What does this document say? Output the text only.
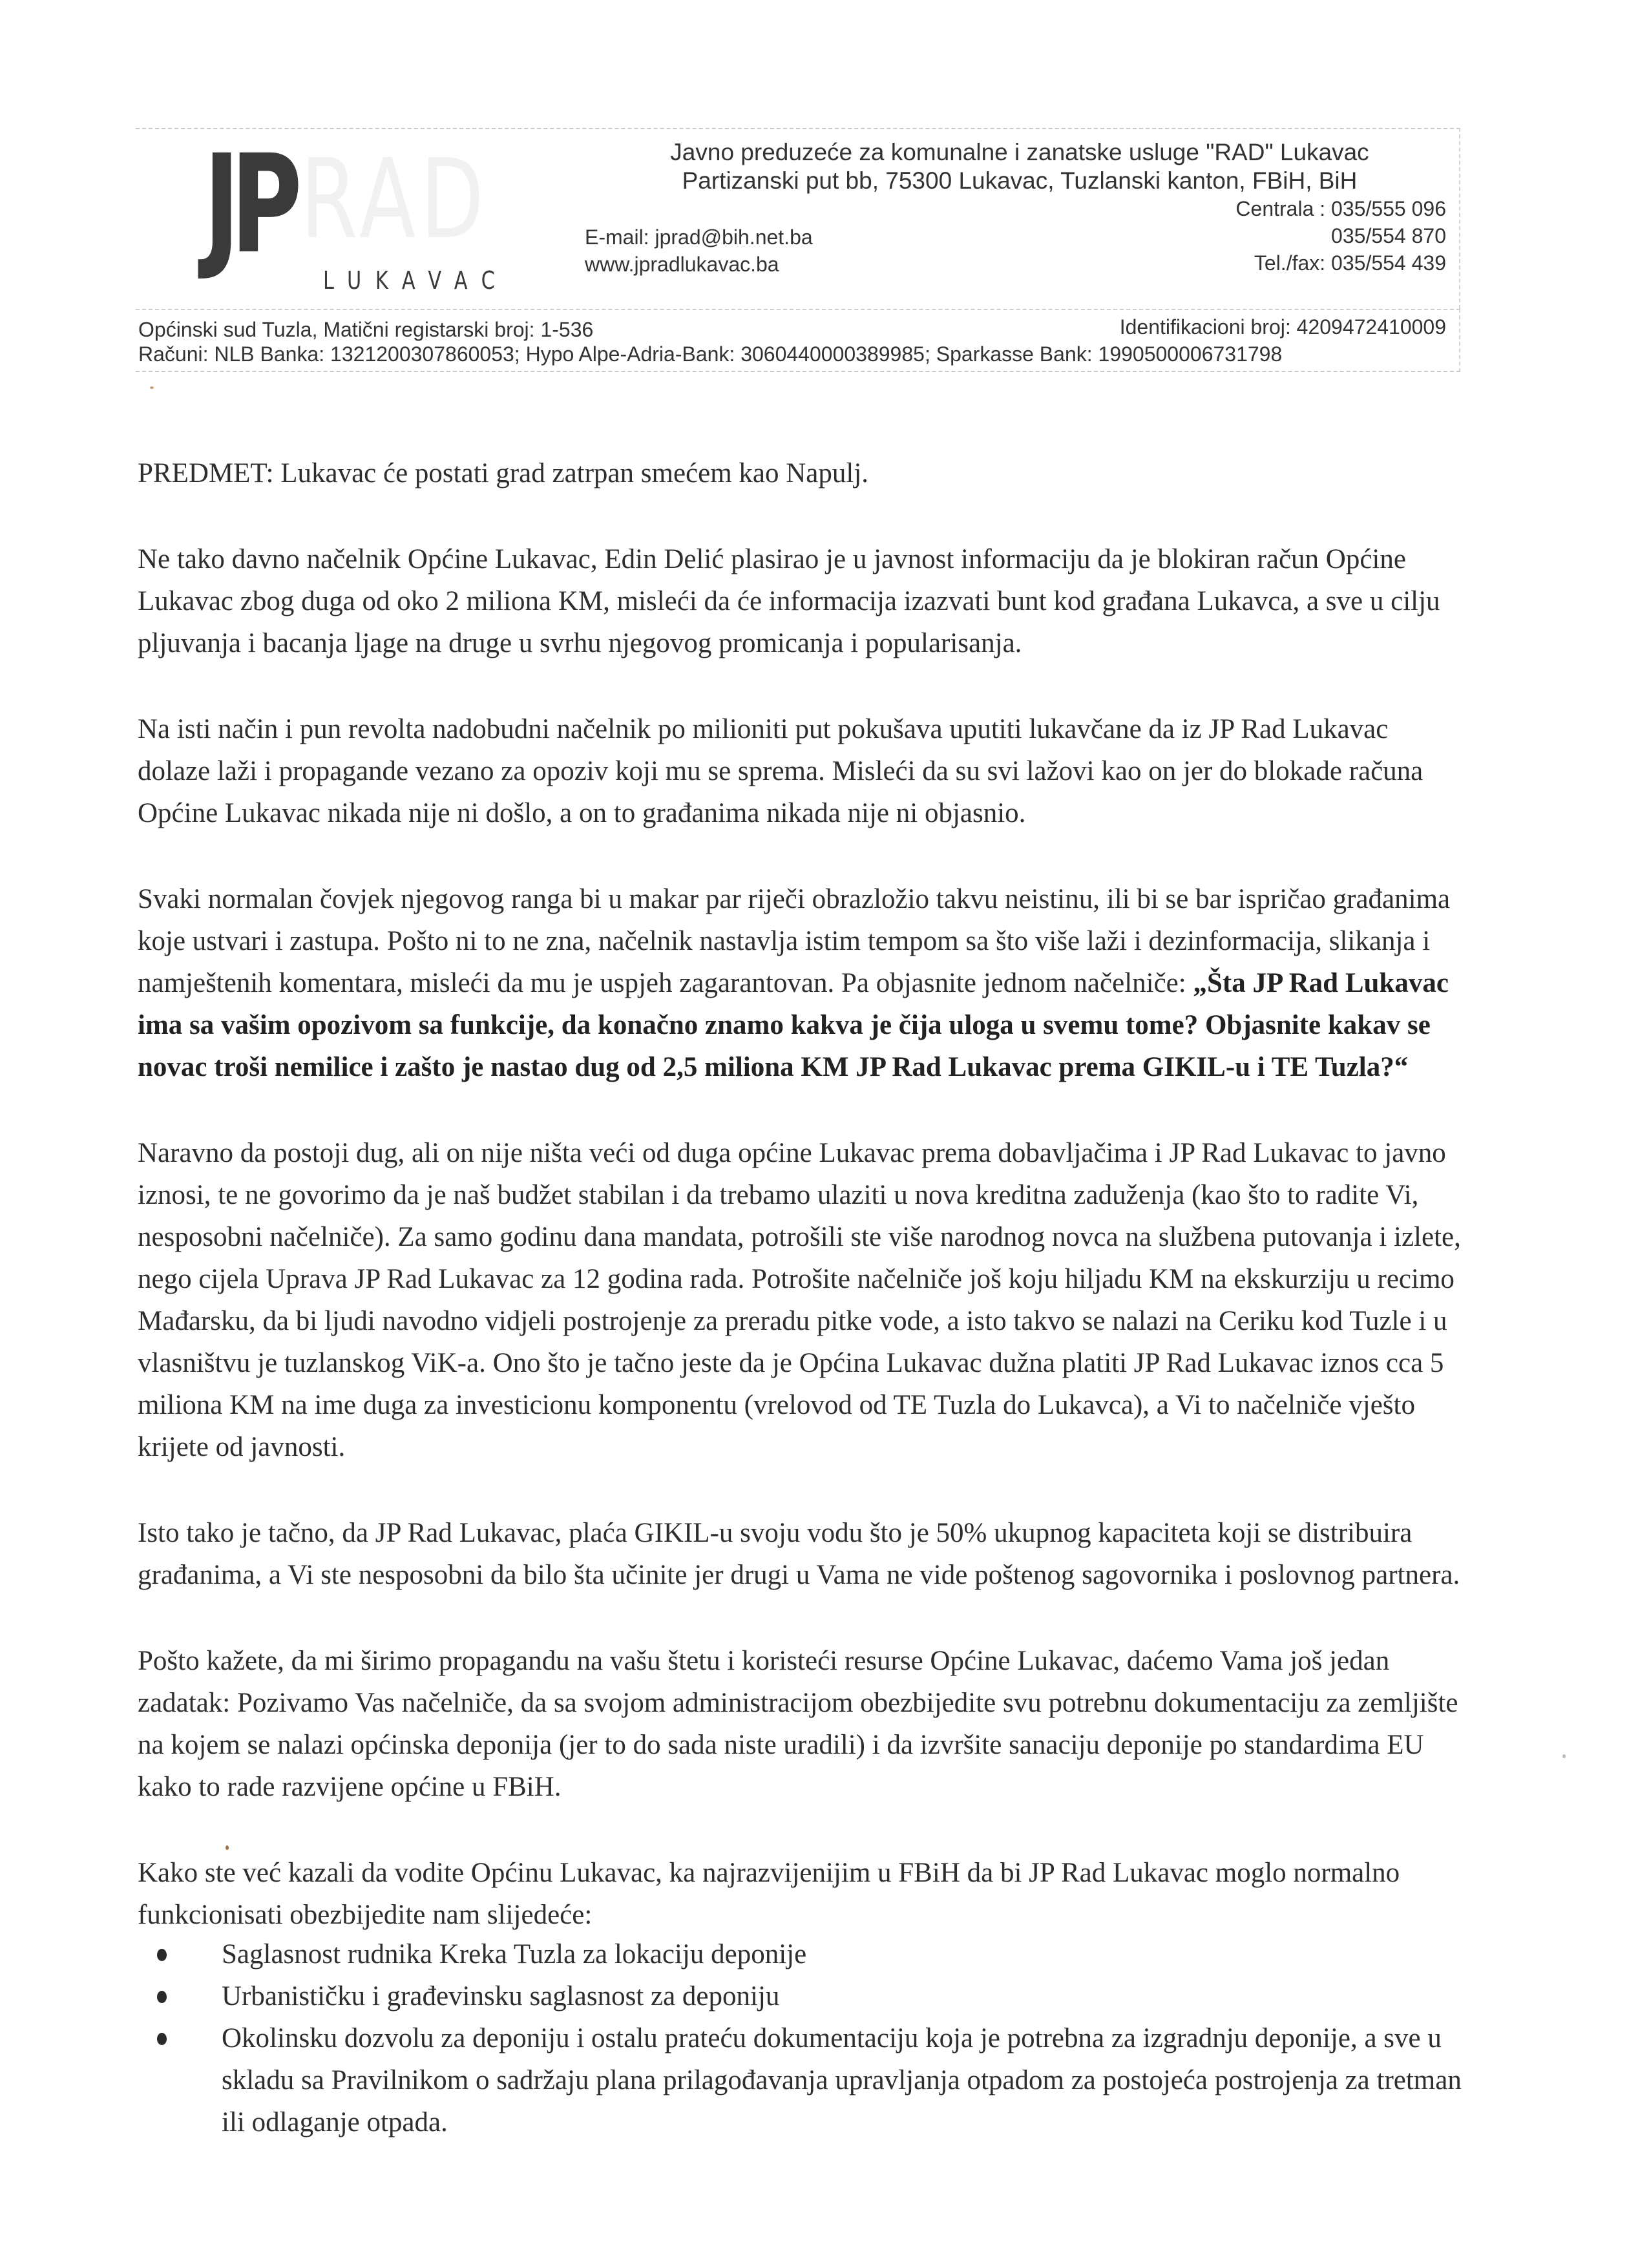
RAD
JP LUKAVAC
Javno preduzeće za komunalne i zanatske usluge "RAD" Lukavac
Partizanski put bb, 75300 Lukavac, Tuzlanski kanton, FBiH, BiH
Centrala : 035/555 096
035/554 870
Tel./fax: 035/554 439
E-mail: jprad@bih.net.ba
www.jpradlukavac.ba
Općinski sud Tuzla, Matični registarski broj: 1-536	Identifikacioni broj: 4209472410009
Računi: NLB Banka: 1321200307860053; Hypo Alpe-Adria-Bank: 3060440000389985; Sparkasse Bank: 1990500006731798

PREDMET: Lukavac će postati grad zatrpan smećem kao Napulj.

Ne tako davno načelnik Općine Lukavac, Edin Delić plasirao je u javnost informaciju da je blokiran račun Općine Lukavac zbog duga od oko 2 miliona KM, misleći da će informacija izazvati bunt kod građana Lukavca, a sve u cilju pljuvanja i bacanja ljage na druge u svrhu njegovog promicanja i popularisanja.

Na isti način i pun revolta nadobudni načelnik po milioniti put pokušava uputiti lukavčane da iz JP Rad Lukavac dolaze laži i propagande vezano za opoziv koji mu se sprema. Misleći da su svi lažovi kao on jer do blokade računa Općine Lukavac nikada nije ni došlo, a on to građanima nikada nije ni objasnio.

Svaki normalan čovjek njegovog ranga bi u makar par riječi obrazložio takvu neistinu, ili bi se bar ispričao građanima koje ustvari i zastupa. Pošto ni to ne zna, načelnik nastavlja istim tempom sa što više laži i dezinformacija, slikanja i namještenih komentara, misleći da mu je uspjeh zagarantovan. Pa objasnite jednom načelniče: „Šta JP Rad Lukavac ima sa vašim opozivom sa funkcije, da konačno znamo kakva je čija uloga u svemu tome? Objasnite kakav se novac troši nemilice i zašto je nastao dug od 2,5 miliona KM JP Rad Lukavac prema GIKIL-u i TE Tuzla?“

Naravno da postoji dug, ali on nije ništa veći od duga općine Lukavac prema dobavljačima i JP Rad Lukavac to javno iznosi, te ne govorimo da je naš budžet stabilan i da trebamo ulaziti u nova kreditna zaduženja (kao što to radite Vi, nesposobni načelniče). Za samo godinu dana mandata, potrošili ste više narodnog novca na službena putovanja i izlete, nego cijela Uprava JP Rad Lukavac za 12 godina rada. Potrošite načelniče još koju hiljadu KM na ekskurziju u recimo Mađarsku, da bi ljudi navodno vidjeli postrojenje za preradu pitke vode, a isto takvo se nalazi na Ceriku kod Tuzle i u vlasništvu je tuzlanskog ViK-a. Ono što je tačno jeste da je Općina Lukavac dužna platiti JP Rad Lukavac iznos cca 5 miliona KM na ime duga za investicionu komponentu (vrelovod od TE Tuzla do Lukavca), a Vi to načelniče vješto krijete od javnosti.

Isto tako je tačno, da JP Rad Lukavac, plaća GIKIL-u svoju vodu što je 50% ukupnog kapaciteta koji se distribuira građanima, a Vi ste nesposobni da bilo šta učinite jer drugi u Vama ne vide poštenog sagovornika i poslovnog partnera.

Pošto kažete, da mi širimo propagandu na vašu štetu i koristeći resurse Općine Lukavac, daćemo Vama još jedan zadatak: Pozivamo Vas načelniče, da sa svojom administracijom obezbijedite svu potrebnu dokumentaciju za zemljište na kojem se nalazi općinska deponija (jer to do sada niste uradili) i da izvršite sanaciju deponije po standardima EU kako to rade razvijene općine u FBiH.

Kako ste već kazali da vodite Općinu Lukavac, ka najrazvijenijim u FBiH da bi JP Rad Lukavac moglo normalno funkcionisati obezbijedite nam slijedeće:

Saglasnost rudnika Kreka Tuzla za lokaciju deponije
Urbanističku i građevinsku saglasnost za deponiju
Okolinsku dozvolu za deponiju i ostalu prateću dokumentaciju koja je potrebna za izgradnju deponije, a sve u skladu sa Pravilnikom o sadržaju plana prilagođavanja upravljanja otpadom za postojeća postrojenja za tretman ili odlaganje otpada.
